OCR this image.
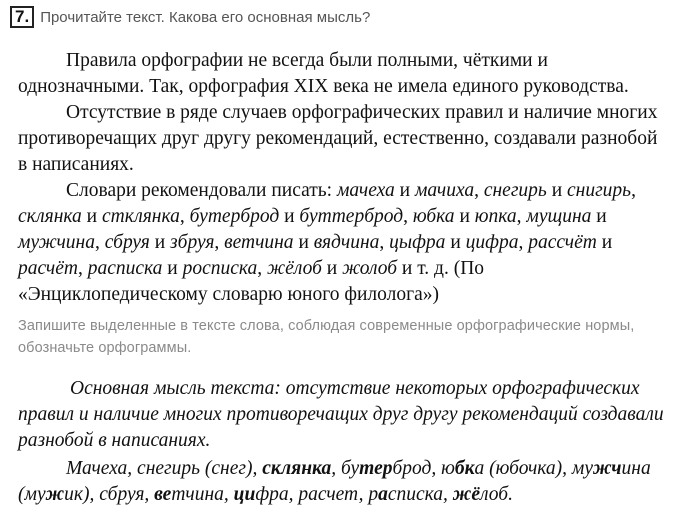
7. Прочитайте текст. Какова его основная мысль?
Правила орфографии не всегда были полными, чёткими и
однозначными. Так, орфография XIX века не имела единого руководства.
Отсутствие в ряде случаев орфографических правил и наличие многих
противоречащих друг другу рекомендаций, естественно, создавали разнобой
в написаниях.
Словари рекомендовали писать: мачеха и мачиха, снегирь и снигирь,
склянка и стклянка, бутерброд и буттерброд, юбка и юпка, мущина и
мужчина, сбруя и збруя, ветчина и вядчина, цыфра и цифра, рассчёт и
расчёт, расписка и росписка, жёлоб и жолоб и т. д. (По
«Энциклопедическому словарю юного филолога»)
Запишите выделенные в тексте слова, соблюдая современные орфографические нормы,
обозначьте орфограммы.
Основная мысль текста: отсутствие некоторых орфографических
правил и наличие многих противоречащих друг другу рекомендаций создавали
разнобой в написаниях.
Мачеха, снегирь (снег), склянка, бутерброд, юбка (юбочка), мужчина
(мужик), сбруя, ветчина, цифра, расчет, расписка, жёлоб.
